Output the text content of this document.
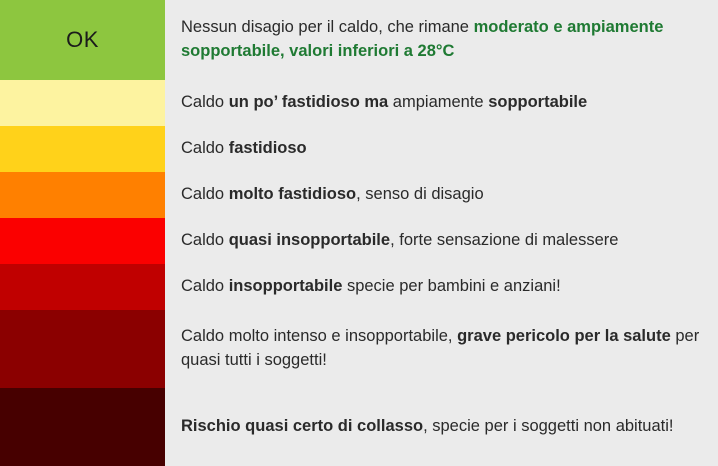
OK	Nessun disagio per il caldo, che rimane moderato e ampiamente sopportabile, valori inferiori a 28°C

	Caldo un po’ fastidioso ma ampiamente sopportabile

	Caldo fastidioso

	Caldo molto fastidioso, senso di disagio

	Caldo quasi insopportabile, forte sensazione di malessere

	Caldo insopportabile specie per bambini e anziani!

	Caldo molto intenso e insopportabile, grave pericolo per la salute per quasi tutti i soggetti!

	Rischio quasi certo di collasso, specie per i soggetti non abituati!
